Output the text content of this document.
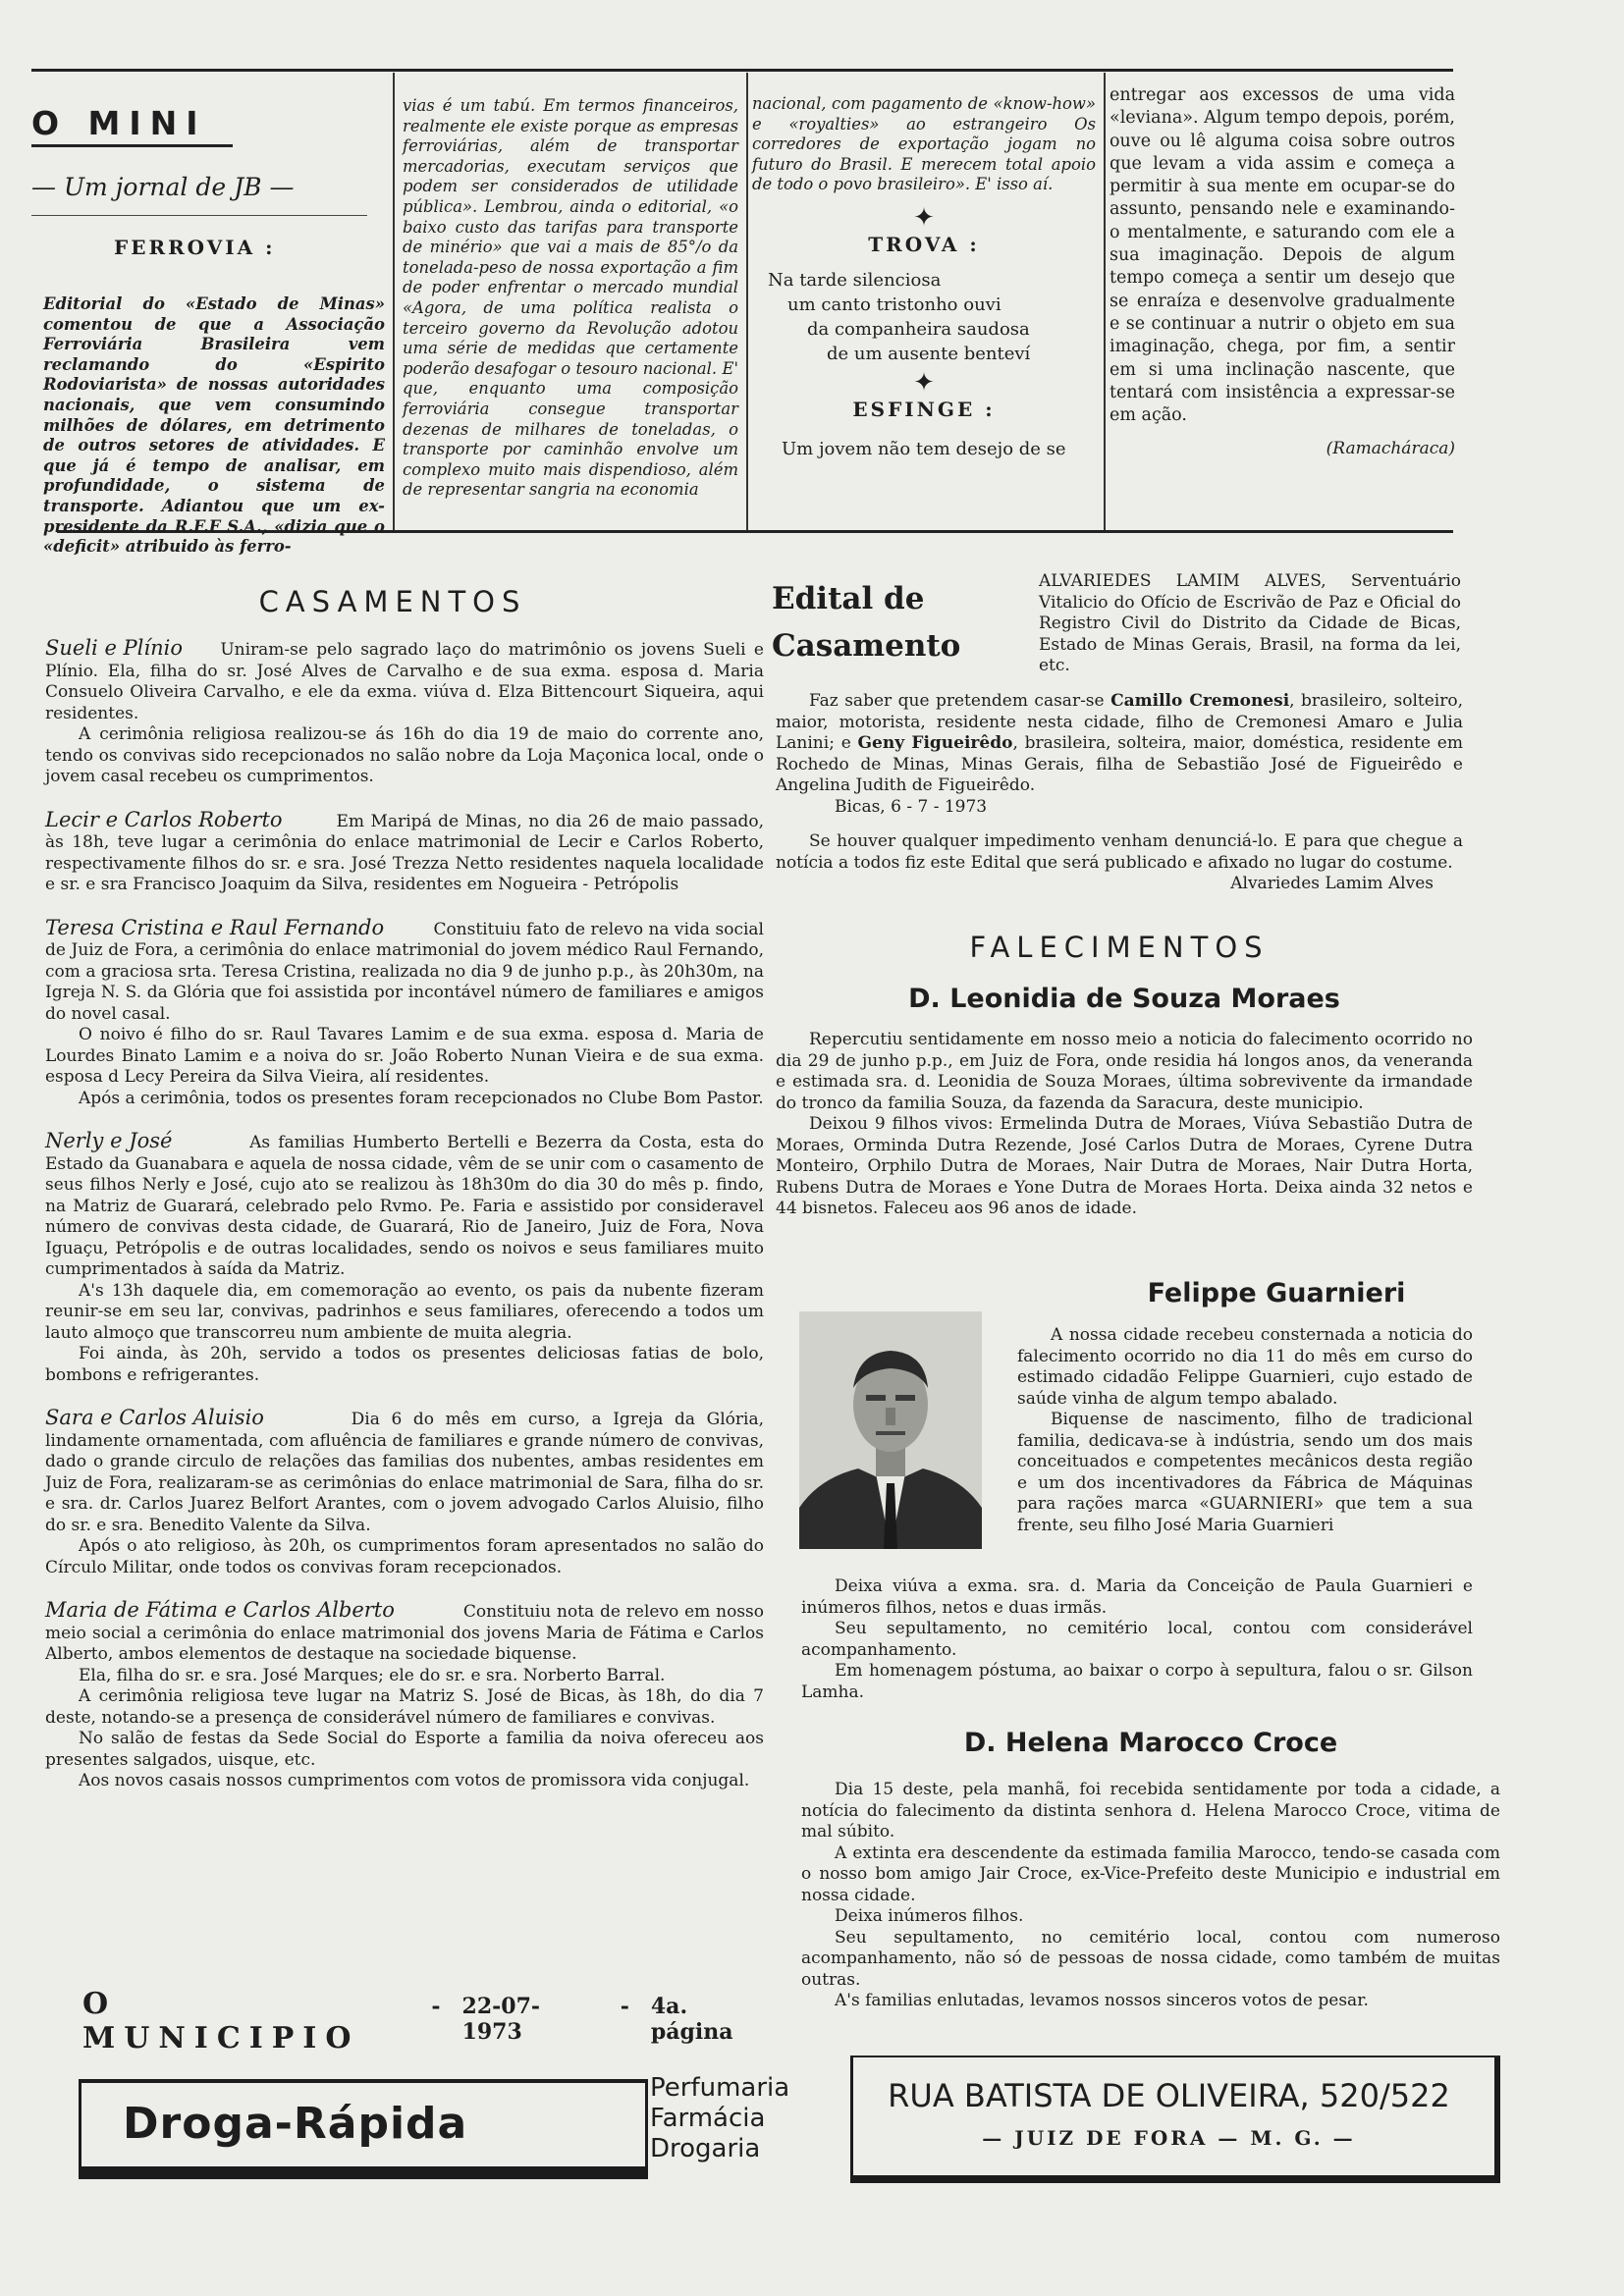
O MINI
— Um jornal de JB —
FERROVIA :

Editorial do «Estado de Minas» comentou de que a Associação Ferroviária Brasileira vem reclamando do «Espirito Rodoviarista» de nossas autoridades nacionais, que vem consumindo milhões de dólares, em detrimento de outros setores de atividades. E que já é tempo de analisar, em profundidade, o sistema de transporte. Adiantou que um ex-presidente da R.F.F S.A., «dizia que o «deficit» atribuido às ferro-

vias é um tabú. Em termos financeiros, realmente ele existe porque as empresas ferroviárias, além de transportar mercadorias, executam serviços que podem ser considerados de utilidade pública». Lembrou, ainda o editorial, «o baixo custo das tarifas para transporte de minério» que vai a mais de 85°/o da tonelada-peso de nossa exportação a fim de poder enfrentar o mercado mundial «Agora, de uma política realista o terceiro governo da Revolução adotou uma série de medidas que certamente poderão desafogar o tesouro nacional. E' que, enquanto uma composição ferroviária consegue transportar dezenas de milhares de toneladas, o transporte por caminhão envolve um complexo muito mais dispendioso, além de representar sangria na economia

nacional, com pagamento de «know-how» e «royalties» ao estrangeiro Os corredores de exportação jogam no futuro do Brasil. E merecem total apoio de todo o povo brasileiro». E' isso aí.

✦
TROVA :
Na tarde silenciosa
um canto tristonho ouvi
da companheira saudosa
de um ausente benteví
✦
ESFINGE :
Um jovem não tem desejo de se

entregar aos excessos de uma vida «leviana». Algum tempo depois, porém, ouve ou lê alguma coisa sobre outros que levam a vida assim e começa a permitir à sua mente em ocupar-se do assunto, pensando nele e examinando-o mentalmente, e saturando com ele a sua imaginação. Depois de algum tempo começa a sentir um desejo que se enraíza e desenvolve gradualmente e se continuar a nutrir o objeto em sua imaginação, chega, por fim, a sentir em si uma inclinação nascente, que tentará com insistência a expressar-se em ação.

(Ramacháraca)
CASAMENTOS

Sueli e Plínio Uniram-se pelo sagrado laço do matrimônio os jovens Sueli e Plínio. Ela, filha do sr. José Alves de Carvalho e de sua exma. esposa d. Maria Consuelo Oliveira Carvalho, e ele da exma. viúva d. Elza Bittencourt Siqueira, aqui residentes.

A cerimônia religiosa realizou-se ás 16h do dia 19 de maio do corrente ano, tendo os convivas sido recepcionados no salão nobre da Loja Maçonica local, onde o jovem casal recebeu os cumprimentos.

Lecir e Carlos Roberto	Em Maripá de Minas, no dia 26 de maio passado, às 18h, teve lugar a cerimônia do enlace matrimonial de Lecir e Carlos Roberto, respectivamente filhos do sr. e sra. José Trezza Netto residentes naquela localidade e sr. e sra Francisco Joaquim da Silva, residentes em Nogueira - Petrópolis

Teresa Cristina e Raul Fernando	Constituiu fato de relevo na vida social de Juiz de Fora, a cerimônia do enlace matrimonial do jovem médico Raul Fernando, com a graciosa srta. Teresa Cristina, realizada no dia 9 de junho p.p., às 20h30m, na Igreja N. S. da Glória que foi assistida por incontável número de familiares e amigos do novel casal.

O noivo é filho do sr. Raul Tavares Lamim e de sua exma. esposa d. Maria de Lourdes Binato Lamim e a noiva do sr. João Roberto Nunan Vieira e de sua exma. esposa d Lecy Pereira da Silva Vieira, alí residentes.

Após a cerimônia, todos os presentes foram recepcionados no Clube Bom Pastor.

Nerly e José	As familias Humberto Bertelli e Bezerra da Costa, esta do Estado da Guanabara e aquela de nossa cidade, vêm de se unir com o casamento de seus filhos Nerly e José, cujo ato se realizou às 18h30m do dia 30 do mês p. findo, na Matriz de Guarará, celebrado pelo Rvmo. Pe. Faria e assistido por consideravel número de convivas desta cidade, de Guarará, Rio de Janeiro, Juiz de Fora, Nova Iguaçu, Petrópolis e de outras localidades, sendo os noivos e seus familiares muito cumprimentados à saída da Matriz.

A's 13h daquele dia, em comemoração ao evento, os pais da nubente fizeram reunir-se em seu lar, convivas, padrinhos e seus familiares, oferecendo a todos um lauto almoço que transcorreu num ambiente de muita alegria.

Foi ainda, às 20h, servido a todos os presentes deliciosas fatias de bolo, bombons e refrigerantes.

Sara e Carlos Aluisio	Dia 6 do mês em curso, a Igreja da Glória, lindamente ornamentada, com afluência de familiares e grande número de convivas, dado o grande circulo de relações das familias dos nubentes, ambas residentes em Juiz de Fora, realizaram-se as cerimônias do enlace matrimonial de Sara, filha do sr. e sra. dr. Carlos Juarez Belfort Arantes, com o jovem advogado Carlos Aluisio, filho do sr. e sra. Benedito Valente da Silva.

Após o ato religioso, às 20h, os cumprimentos foram apresentados no salão do Círculo Militar, onde todos os convivas foram recepcionados.

Maria de Fátima e Carlos Alberto	Constituiu nota de relevo em nosso meio social a cerimônia do enlace matrimonial dos jovens Maria de Fátima e Carlos Alberto, ambos elementos de destaque na sociedade biquense.

Ela, filha do sr. e sra. José Marques; ele do sr. e sra. Norberto Barral.

A cerimônia religiosa teve lugar na Matriz S. José de Bicas, às 18h, do dia 7 deste, notando-se a presença de considerável número de familiares e convivas.

No salão de festas da Sede Social do Esporte a familia da noiva ofereceu aos presentes salgados, uisque, etc.

Aos novos casais nossos cumprimentos com votos de promissora vida conjugal.

O MUNICIPIO
- 22-07-1973
- 4a. página
Edital de
Casamento

ALVARIEDES LAMIM ALVES, Serventuário Vitalicio do Ofício de Escrivão de Paz e Oficial do Registro Civil do Distrito da Cidade de Bicas, Estado de Minas Gerais, Brasil, na forma da lei, etc.

Faz saber que pretendem casar-se Camillo Cremonesi, brasileiro, solteiro, maior, motorista, residente nesta cidade, filho de Cremonesi Amaro e Julia Lanini; e Geny Figueirêdo, brasileira, solteira, maior, doméstica, residente em Rochedo de Minas, Minas Gerais, filha de Sebastião José de Figueirêdo e Angelina Judith de Figueirêdo.

Bicas, 6 - 7 - 1973

Se houver qualquer impedimento venham denunciá-lo. E para que chegue a notícia a todos fiz este Edital que será publicado e afixado no lugar do costume.

Alvariedes Lamim Alves

FALECIMENTOS
D. Leonidia de Souza Moraes

Repercutiu sentidamente em nosso meio a noticia do falecimento ocorrido no dia 29 de junho p.p., em Juiz de Fora, onde residia há longos anos, da veneranda e estimada sra. d. Leonidia de Souza Moraes, última sobrevivente da irmandade do tronco da familia Souza, da fazenda da Saracura, deste municipio.

Deixou 9 filhos vivos: Ermelinda Dutra de Moraes, Viúva Sebastião Dutra de Moraes, Orminda Dutra Rezende, José Carlos Dutra de Moraes, Cyrene Dutra Monteiro, Orphilo Dutra de Moraes, Nair Dutra de Moraes, Nair Dutra Horta, Rubens Dutra de Moraes e Yone Dutra de Moraes Horta. Deixa ainda 32 netos e 44 bisnetos. Faleceu aos 96 anos de idade.

Felippe Guarnieri

A nossa cidade recebeu consternada a noticia do falecimento ocorrido no dia 11 do mês em curso do estimado cidadão Felippe Guarnieri, cujo estado de saúde vinha de algum tempo abalado.

Biquense de nascimento, filho de tradicional familia, dedicava-se à indústria, sendo um dos mais conceituados e competentes mecânicos desta região e um dos incentivadores da Fábrica de Máquinas para rações marca «GUARNIERI» que tem a sua frente, seu filho José Maria Guarnieri

Deixa viúva a exma. sra. d. Maria da Conceição de Paula Guarnieri e inúmeros filhos, netos e duas irmãs.

Seu sepultamento, no cemitério local, contou com considerável acompanhamento.

Em homenagem póstuma, ao baixar o corpo à sepultura, falou o sr. Gilson Lamha.

D. Helena Marocco Croce

Dia 15 deste, pela manhã, foi recebida sentidamente por toda a cidade, a notícia do falecimento da distinta senhora d. Helena Marocco Croce, vitima de mal súbito.

A extinta era descendente da estimada familia Marocco, tendo-se casada com o nosso bom amigo Jair Croce, ex-Vice-Prefeito deste Municipio e industrial em nossa cidade.

Deixa inúmeros filhos.

Seu sepultamento, no cemitério local, contou com numeroso acompanhamento, não só de pessoas de nossa cidade, como também de muitas outras.

A's familias enlutadas, levamos nossos sinceros votos de pesar.

Droga-Rápida
Perfumaria
Farmácia
Drogaria
RUA BATISTA DE OLIVEIRA, 520/522
— JUIZ DE FORA — M. G. —
